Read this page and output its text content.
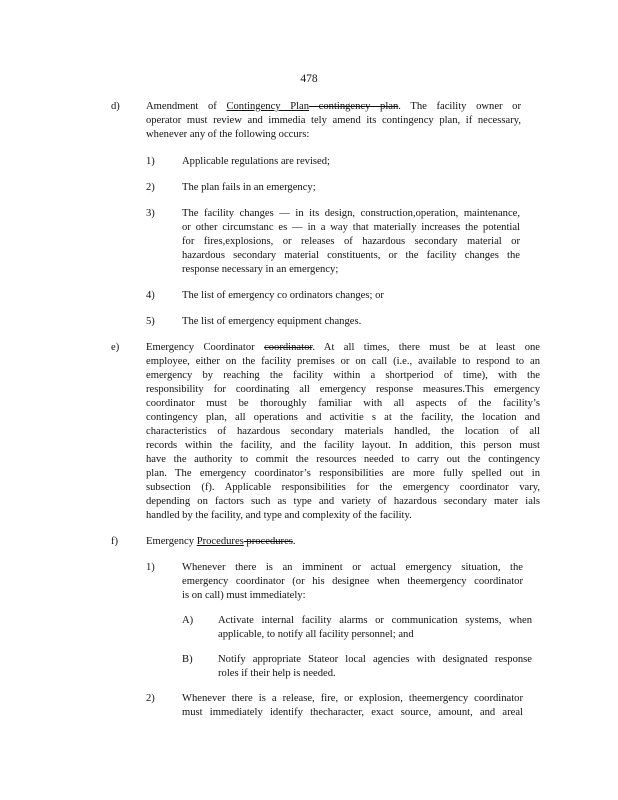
478
d) Amendment of Contingency Plan contingency plan. The facility owner or
operator must review and immedia tely amend its contingency plan, if necessary,
whenever any of the following occurs:
1)	Applicable regulations are revised;
2)	The plan fails in an emergency;
3)	The facility changes — in its design, construction,operation, maintenance,
or other circumstanc es — in a way that materially increases the potential
for fires,explosions, or releases of hazardous secondary material or
hazardous secondary material constituents, or the facility changes the
response necessary in an emergency;
4)	The list of emergency co ordinators changes; or
5)	The list of emergency equipment changes.
e)	Emergency Coordinator coordinator. At all times, there must be at least one
employee, either on the facility premises or on call (i.e., available to respond to an
emergency by reaching the facility within a shortperiod of time), with the
responsibility for coordinating all emergency response measures.This emergency
coordinator must be thoroughly familiar with all aspects of the facility’s
contingency plan, all operations and activitie s at the facility, the location and
characteristics of hazardous secondary materials handled, the location of all
records within the facility, and the facility layout. In addition, this person must
have the authority to commit the resources needed to carry out the contingency
plan. The emergency coordinator’s responsibilities are more fully spelled out in
subsection (f). Applicable responsibilities for the emergency coordinator vary,
depending on factors such as type and variety of hazardous secondary mater ials
handled by the facility, and type and complexity of the facility.
f)	Emergency Procedures procedures.
1)	Whenever there is an imminent or actual emergency situation, the
emergency coordinator (or his designee when theemergency coordinator
is on call) must immediately:
A) Activate internal facility alarms or communication systems, when
applicable, to notify all facility personnel; and
B) Notify appropriate Stateor local agencies with designated response
roles if their help is needed.
2)	Whenever there is a release, fire, or explosion, theemergency coordinator
must immediately identify thecharacter, exact source, amount, and areal
